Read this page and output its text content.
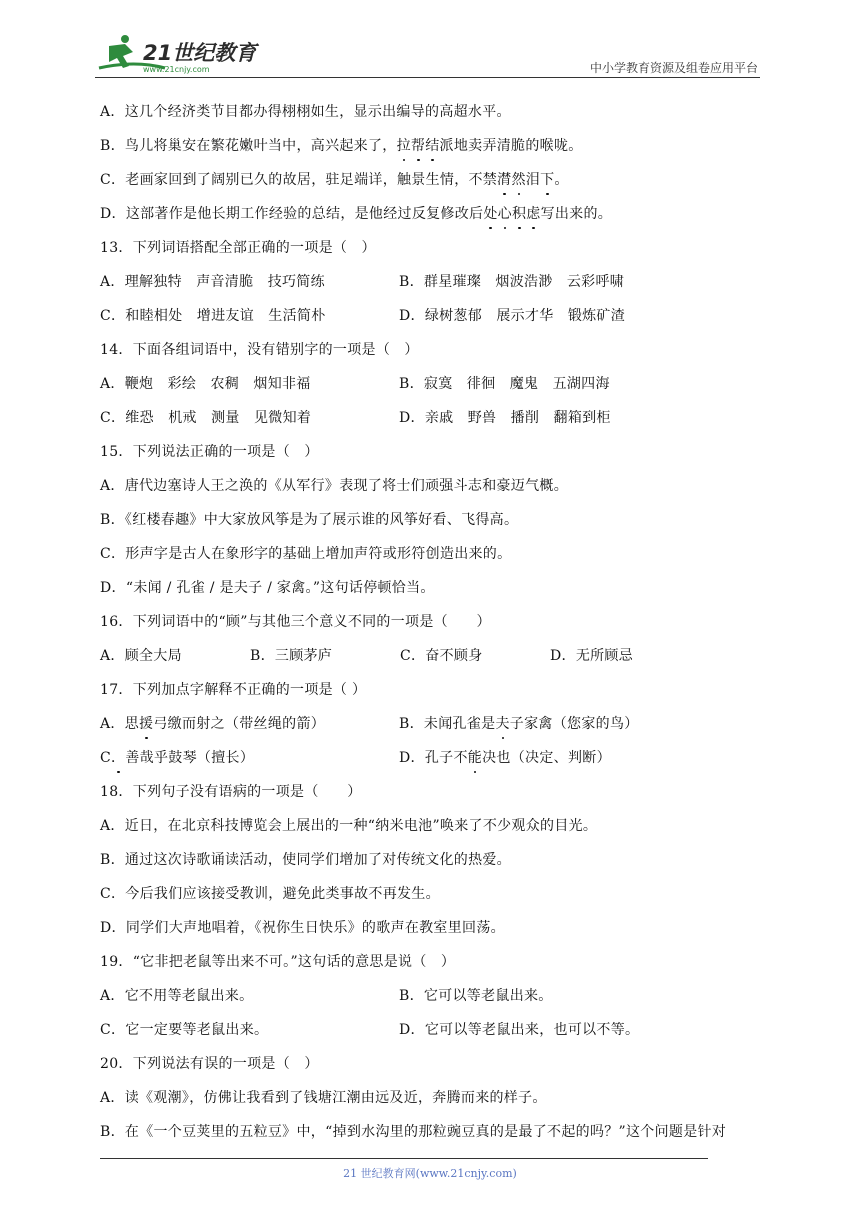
21世纪教育
www.21cnjy.com	中小学教育资源及组卷应用平台
A．这几个经济类节目都办得 栩栩 如生，显示出编导的高超水平。
B．鸟儿将巢安在繁花嫩叶当中，高兴起来了， 拉 帮 结 派 地卖弄清脆的喉咙。
C．老画家回到了阔别已久的故居，驻足端详，触景生情，不禁 潸 然 泪 下 。
D．这部著作是他长期工作经验的总结，是他经过反复修改后 处 心 积 虑 写出来的。
13．下列词语搭配全部正确的一项是（　）
A．理解独特　声音清脆　技巧简练	B．群星璀璨　烟波浩渺　云彩呼啸
C．和睦相处　增进友谊　生活简朴	D．绿树葱郁　展示才华　锻炼矿渣
14．下面各组词语中，没有错别字的一项是（　）
A．鞭炮　彩绘　农稠　烟知非福	B．寂寞　徘徊　魔鬼　五湖四海
C．维恐　机戒　测量　见微知着	D．亲戚　野兽　播削　翻箱到柜
15．下列说法正确的一项是（　）
A．唐代边塞诗人王之涣的《从军行》表现了将士们顽强斗志和豪迈气概。
B．《红楼春趣》中大家放风筝是为了展示谁的风筝好看、飞得高。
C．形声字是古人在象形字的基础上增加声符或形符创造出来的。
D．“未闻 / 孔雀 / 是夫子 / 家禽。”这句话停顿恰当。
16．下列词语中的“顾”与其他三个意义不同的一项是（　　）
A．顾全大局	B．三顾茅庐	C．奋不顾身	D．无所顾忌
17．下列加点字解释不正确的一项是（ ）
A．思援弓缴而射之（带丝绳的箭）	B．未闻孔雀是夫子家禽（您家的鸟）
C．善哉乎鼓琴（擅长）	D．孔子不能决也（决定、判断）
18．下列句子没有语病的一项是（　　）
A．近日，在北京科技博览会上展出的一种“纳米电池”唤来了不少观众的目光。
B．通过这次诗歌诵读活动，使同学们增加了对传统文化的热爱。
C．今后我们应该接受教训，避免此类事故不再发生。
D．同学们大声地唱着，《祝你生日快乐》的歌声在教室里回荡。
19．“它非把老鼠等出来不可。”这句话的意思是说（　）
A．它不用等老鼠出来。	B．它可以等老鼠出来。
C．它一定要等老鼠出来。	D．它可以等老鼠出来，也可以不等。
20．下列说法有误的一项是（　）
A．读《观潮》，仿佛让我看到了钱塘江潮由远及近，奔腾而来的样子。
B．在《一个豆荚里的五粒豆》中，“掉到水沟里的那粒豌豆真的是最了不起的吗？”这个问题是针对
21 世纪教育网(www.21cnjy.com)
